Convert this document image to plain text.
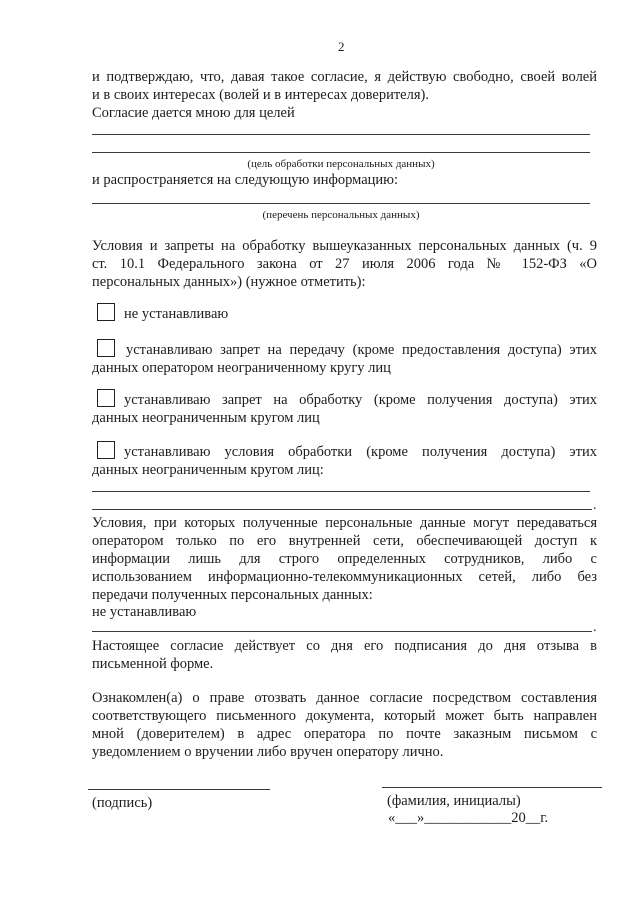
2
и подтверждаю, что, давая такое согласие, я действую свободно, своей волей
и в своих интересах (волей и в интересах доверителя).
Согласие дается мною для целей
(цель обработки персональных данных)
и распространяется на следующую информацию:
(перечень персональных данных)
Условия и запреты на обработку вышеуказанных персональных данных (ч. 9
ст. 10.1 Федерального закона от 27 июля 2006 года № 152-ФЗ «О
персональных данных») (нужное отметить):
не устанавливаю
устанавливаю запрет на передачу (кроме предоставления доступа) этих
данных оператором неограниченному кругу лиц
устанавливаю запрет на обработку (кроме получения доступа) этих
данных неограниченным кругом лиц
устанавливаю условия обработки (кроме получения доступа) этих
данных неограниченным кругом лиц:
.
Условия, при которых полученные персональные данные могут передаваться
оператором только по его внутренней сети, обеспечивающей доступ к
информации лишь для строго определенных сотрудников, либо с
использованием информационно-телекоммуникационных сетей, либо без
передачи полученных персональных данных:
не устанавливаю
.
Настоящее согласие действует со дня его подписания до дня отзыва в
письменной форме.
Ознакомлен(а) о праве отозвать данное согласие посредством составления
соответствующего письменного документа, который может быть направлен
мной (доверителем) в адрес оператора по почте заказным письмом с
уведомлением о вручении либо вручен оператору лично.
(подпись)	(фамилия, инициалы)
«___»____________20__г.
